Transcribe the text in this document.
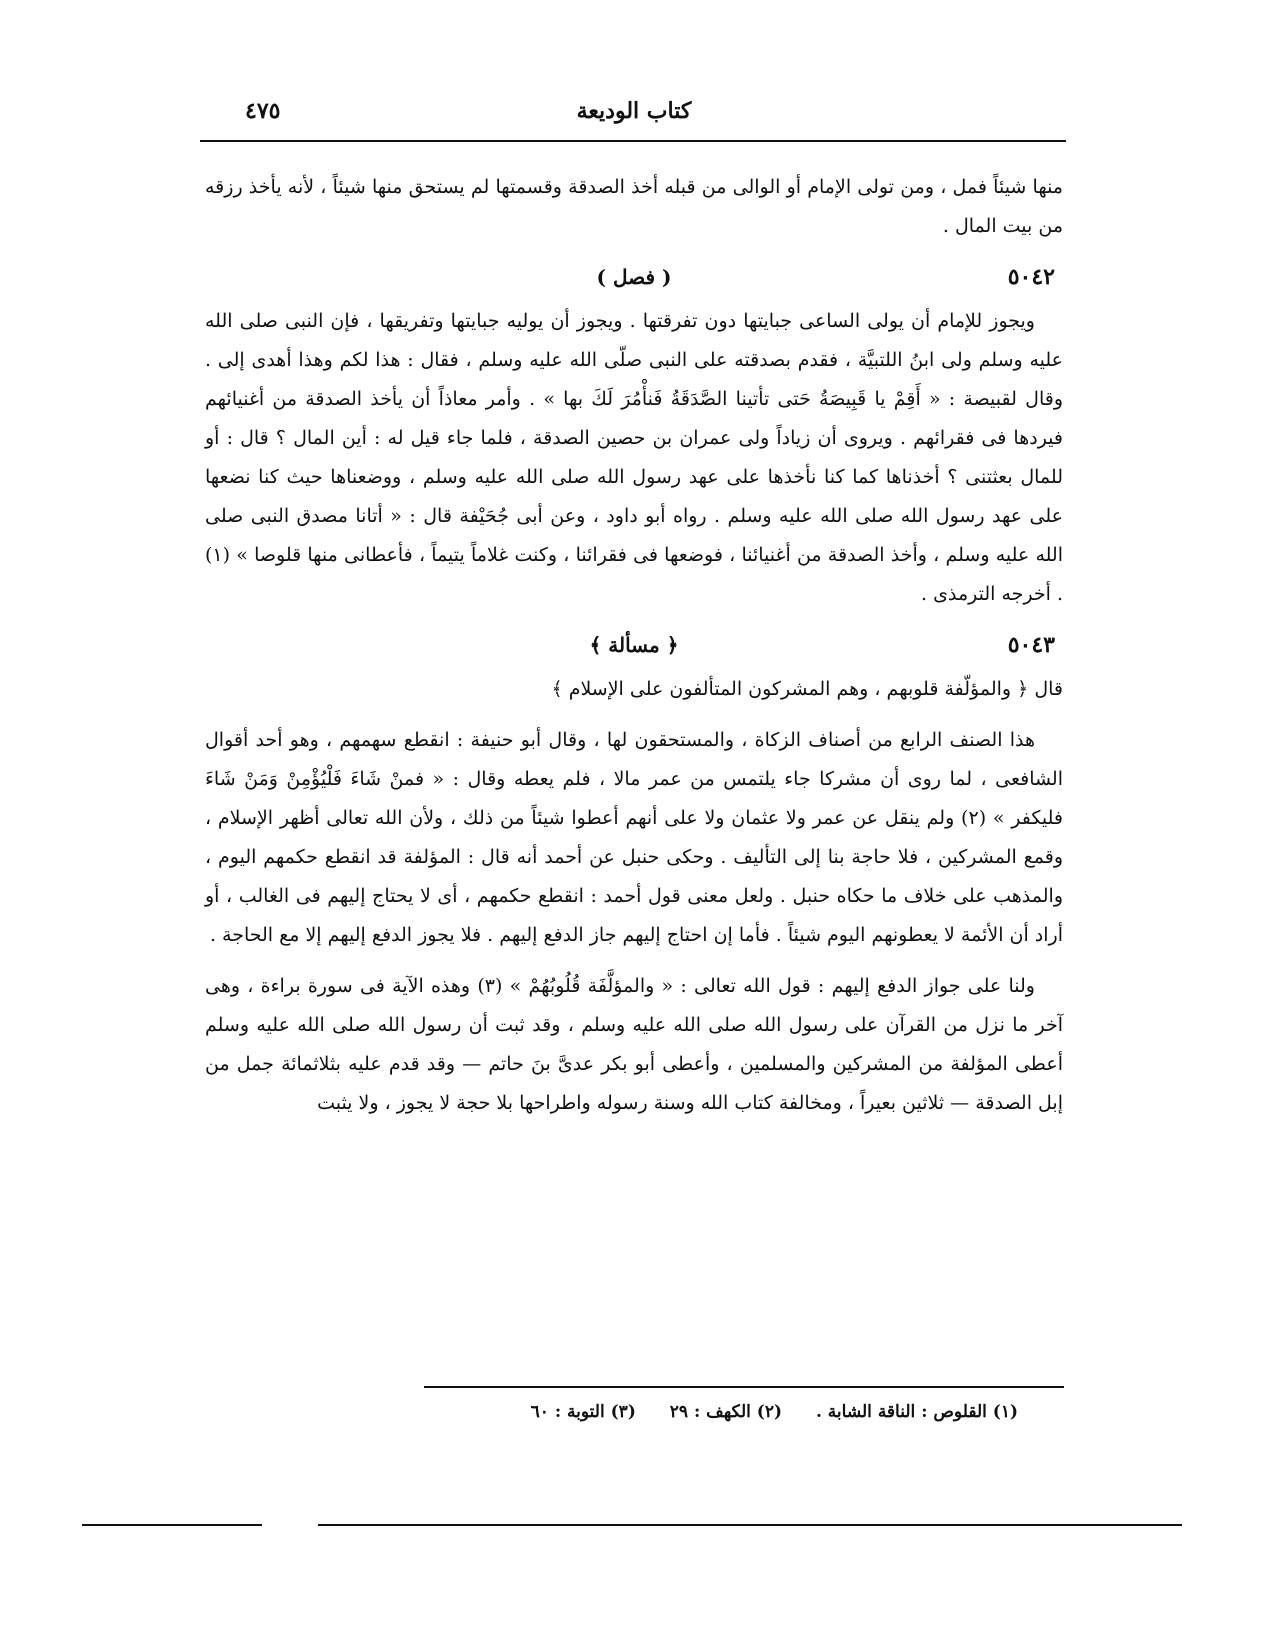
كتاب الوديعة
٤٧٥

منها شيئاً فمل ، ومن تولى الإمام أو الوالى من قبله أخذ الصدقة وقسمتها لم يستحق منها شيئاً ، لأنه يأخذ رزقه من بيت المال .

٥٠٤٢
( فصل )

ويجوز للإمام أن يولى الساعى جبايتها دون تفرقتها . ويجوز أن يوليه جبايتها وتفريقها ، فإن النبى صلى الله عليه وسلم ولى ابنُ اللتبيَّة ، فقدم بصدقته على النبى صلّى الله عليه وسلم ، فقال : هذا لكم وهذا أهدى إلى . وقال لقبيصة : « أَقِمْ يا قَبِيصَةُ حَتى تأتينا الصَّدَقَةُ فَنأْمُرَ لَكَ بها » . وأمر معاذاً أن يأخذ الصدقة من أغنيائهم فيردها فى فقرائهم . ويروى أن زياداً ولى عمران بن حصين الصدقة ، فلما جاء قيل له : أين المال ؟ قال : أو للمال بعثتنى ؟ أخذناها كما كنا نأخذها على عهد رسول الله صلى الله عليه وسلم ، ووضعناها حيث كنا نضعها على عهد رسول الله صلى الله عليه وسلم . رواه أبو داود ، وعن أبى جُحَيْفة قال : « أتانا مصدق النبى صلى الله عليه وسلم ، وأخذ الصدقة من أغنيائنا ، فوضعها فى فقرائنا ، وكنت غلاماً يتيماً ، فأعطانى منها قلوصا » (١) . أخرجه الترمذى .

٥٠٤٣
﴿ مسألة ﴾

قال ﴿ والمؤلّفة قلوبهم ، وهم المشركون المتألفون على الإسلام ﴾

هذا الصنف الرابع من أصناف الزكاة ، والمستحقون لها ، وقال أبو حنيفة : انقطع سهمهم ، وهو أحد أقوال الشافعى ، لما روى أن مشركا جاء يلتمس من عمر مالا ، فلم يعطه وقال : « فمنْ شَاءَ فَلْيُؤْمِنْ وَمَنْ شَاءَ فليكفر » (٢) ولم ينقل عن عمر ولا عثمان ولا على أنهم أعطوا شيئاً من ذلك ، ولأن الله تعالى أظهر الإسلام ، وقمع المشركين ، فلا حاجة بنا إلى التأليف . وحكى حنبل عن أحمد أنه قال : المؤلفة قد انقطع حكمهم اليوم ، والمذهب على خلاف ما حكاه حنبل . ولعل معنى قول أحمد : انقطع حكمهم ، أى لا يحتاج إليهم فى الغالب ، أو أراد أن الأئمة لا يعطونهم اليوم شيئاً . فأما إن احتاج إليهم جاز الدفع إليهم . فلا يجوز الدفع إليهم إلا مع الحاجة .

ولنا على جواز الدفع إليهم : قول الله تعالى : « والمؤلَّفَة قُلُوبُهُمْ » (٣) وهذه الآية فى سورة براءة ، وهى آخر ما نزل من القرآن على رسول الله صلى الله عليه وسلم ، وقد ثبت أن رسول الله صلى الله عليه وسلم أعطى المؤلفة من المشركين والمسلمين ، وأعطى أبو بكر عدىَّ بنَ حاتم — وقد قدم عليه بثلاثمائة جمل من إبل الصدقة — ثلاثين بعيراً ، ومخالفة كتاب الله وسنة رسوله واطراحها بلا حجة لا يجوز ، ولا يثبت

(١) القلوص : الناقة الشابة . (٢) الكهف : ٢٩ (٣) التوبة : ٦٠
